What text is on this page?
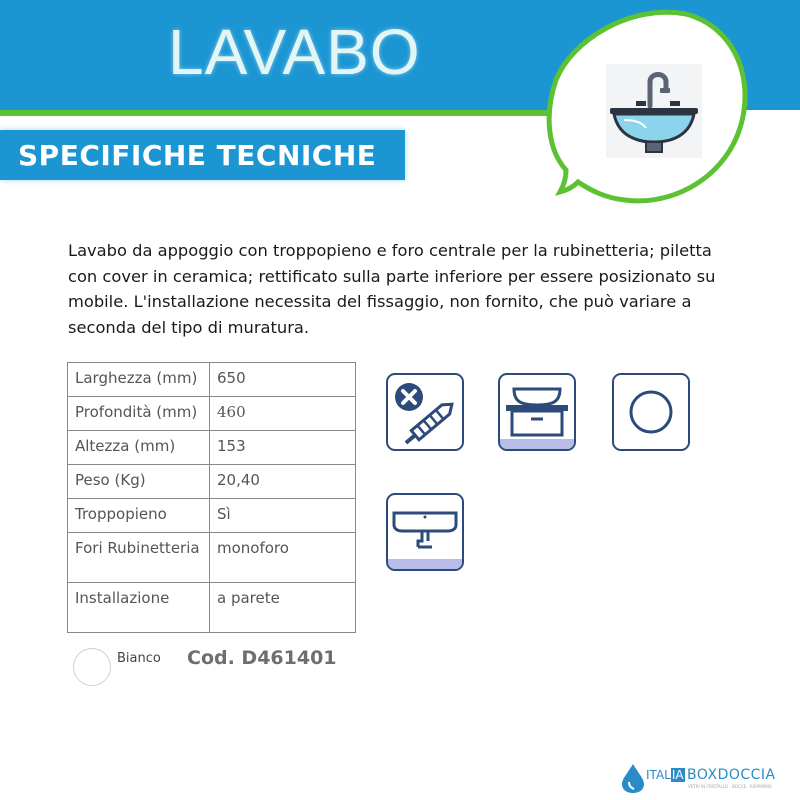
LAVABO
SPECIFICHE TECNICHE
Lavabo da appoggio con troppopieno e foro centrale per la rubinetteria; piletta con cover in ceramica; rettificato sulla parte inferiore per essere posizionato su mobile. L'installazione necessita del fissaggio, non fornito, che può variare a seconda del tipo di muratura.
Larghezza (mm)	650
Profondità (mm)	460
Altezza (mm)	153
Peso (Kg)	20,40
Troppopieno	Sì
Fori Rubinetteria	monoforo
Installazione	a parete
Bianco Cod. D461401
ITALIA BOXDOCCIA
VETRI IN CRISTALLO · DOCCE · RISPARMIO
